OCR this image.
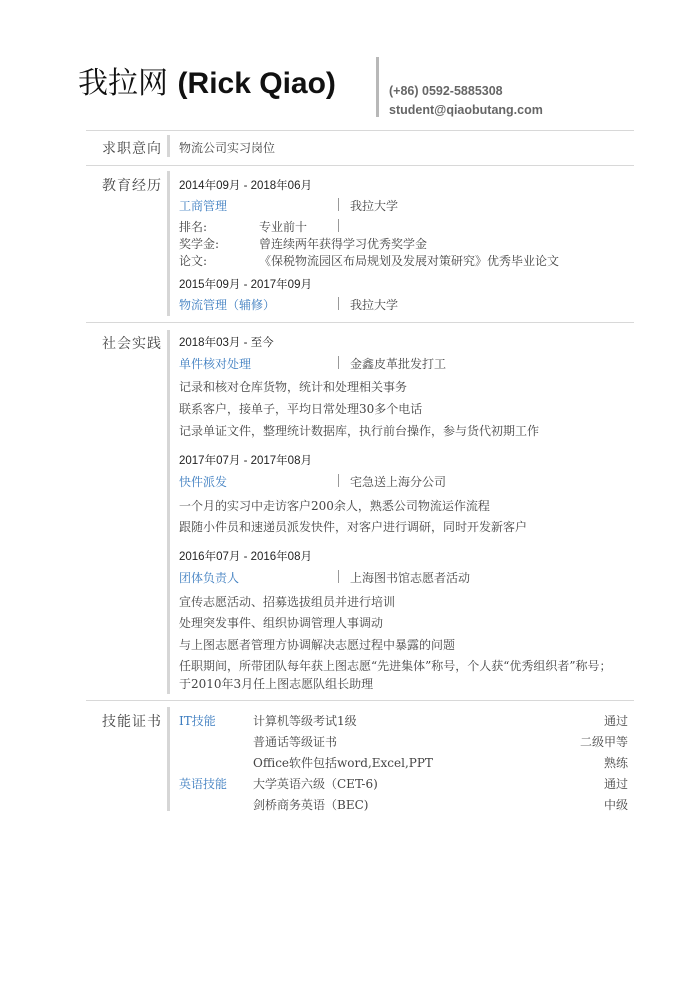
我拉网 (Rick Qiao)	(+86) 0592-5885308
student@qiaobutang.com
求职意向 物流公司实习岗位
教育经历 2014年09月 - 2018年06月
工商管理	我拉大学
排名:	专业前十
奖学金:	曾连续两年获得学习优秀奖学金
论文:	《保税物流园区布局规划及发展对策研究》优秀毕业论文
2015年09月 - 2017年09月
物流管理（辅修）	我拉大学
社会实践 2018年03月 - 至今
单件核对处理	金鑫皮革批发打工
记录和核对仓库货物，统计和处理相关事务
联系客户，接单子，平均日常处理30多个电话
记录单证文件，整理统计数据库，执行前台操作，参与货代初期工作
2017年07月 - 2017年08月
快件派发	宅急送上海分公司
一个月的实习中走访客户200余人，熟悉公司物流运作流程
跟随小件员和速递员派发快件，对客户进行调研，同时开发新客户
2016年07月 - 2016年08月
团体负责人	上海图书馆志愿者活动
宣传志愿活动、招募选拔组员并进行培训
处理突发事件、组织协调管理人事调动
与上图志愿者管理方协调解决志愿过程中暴露的问题
任职期间，所带团队每年获上图志愿“先进集体”称号，个人获“优秀组织者”称号；
于2010年3月任上图志愿队组长助理
技能证书 IT技能	计算机等级考试1级	通过
普通话等级证书	二级甲等
Office软件包括word,Excel,PPT	熟练
英语技能 大学英语六级（CET-6)	通过
剑桥商务英语（BEC)	中级
